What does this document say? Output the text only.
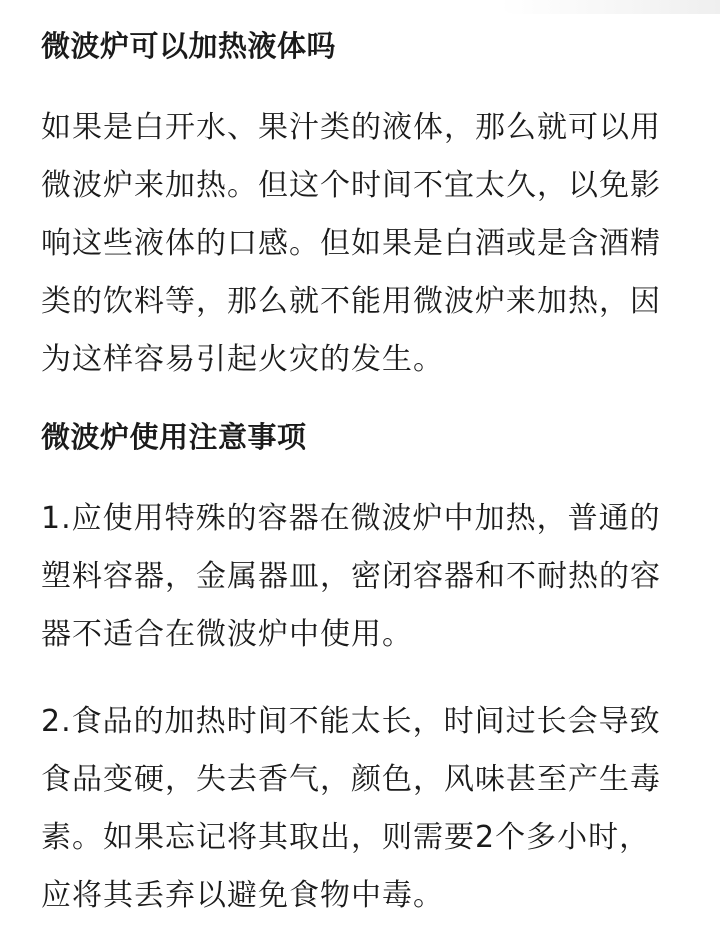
微波炉可以加热液体吗

如果是白开水、果汁类的液体，那么就可以用微波炉来加热。但这个时间不宜太久，以免影响这些液体的口感。但如果是白酒或是含酒精类的饮料等，那么就不能用微波炉来加热，因为这样容易引起火灾的发生。

微波炉使用注意事项

1.应使用特殊的容器在微波炉中加热，普通的塑料容器，金属器皿，密闭容器和不耐热的容器不适合在微波炉中使用。

2.食品的加热时间不能太长，时间过长会导致食品变硬，失去香气，颜色，风味甚至产生毒素。如果忘记将其取出，则需要2个多小时，应将其丢弃以避免食物中毒。
